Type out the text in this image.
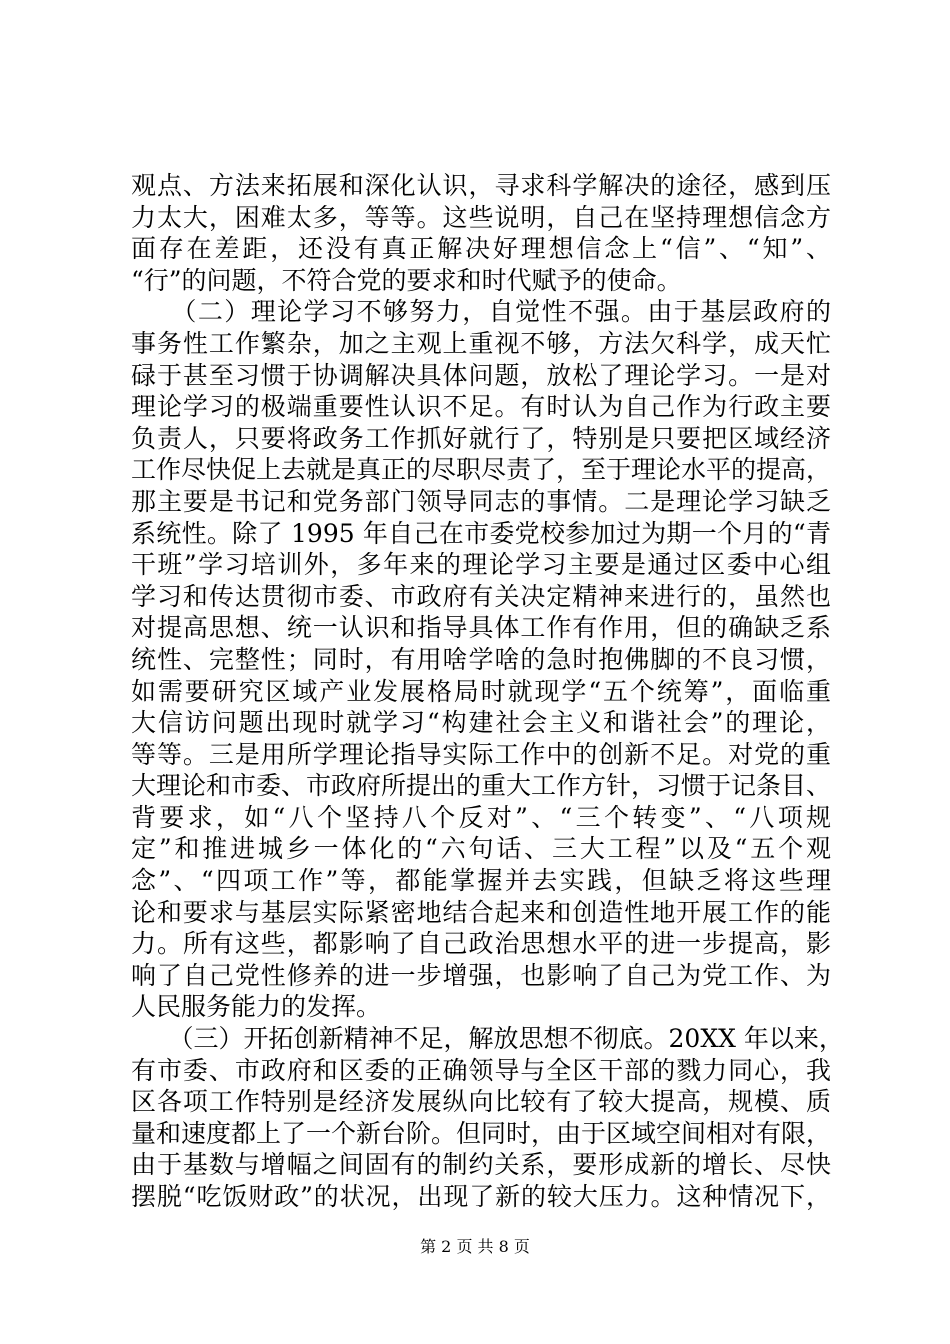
观点、方法来拓展和深化认识，寻求科学解决的途径，感到压
力太大，困难太多，等等。这些说明，自己在坚持理想信念方
面存在差距，还没有真正解决好理想信念上“信”、“知”、
“行”的问题，不符合党的要求和时代赋予的使命。
　　（二）理论学习不够努力，自觉性不强。由于基层政府的
事务性工作繁杂，加之主观上重视不够，方法欠科学，成天忙
碌于甚至习惯于协调解决具体问题，放松了理论学习。一是对
理论学习的极端重要性认识不足。有时认为自己作为行政主要
负责人，只要将政务工作抓好就行了，特别是只要把区域经济
工作尽快促上去就是真正的尽职尽责了，至于理论水平的提高，
那主要是书记和党务部门领导同志的事情。二是理论学习缺乏
系统性。除了 1995 年自己在市委党校参加过为期一个月的“青
干班”学习培训外，多年来的理论学习主要是通过区委中心组
学习和传达贯彻市委、市政府有关决定精神来进行的，虽然也
对提高思想、统一认识和指导具体工作有作用，但的确缺乏系
统性、完整性；同时，有用啥学啥的急时抱佛脚的不良习惯，
如需要研究区域产业发展格局时就现学“五个统筹”，面临重
大信访问题出现时就学习“构建社会主义和谐社会”的理论，
等等。三是用所学理论指导实际工作中的创新不足。对党的重
大理论和市委、市政府所提出的重大工作方针，习惯于记条目、
背要求，如“八个坚持八个反对”、“三个转变”、“八项规
定”和推进城乡一体化的“六句话、三大工程”以及“五个观
念”、“四项工作”等，都能掌握并去实践，但缺乏将这些理
论和要求与基层实际紧密地结合起来和创造性地开展工作的能
力。所有这些，都影响了自己政治思想水平的进一步提高，影
响了自己党性修养的进一步增强，也影响了自己为党工作、为
人民服务能力的发挥。
　　（三）开拓创新精神不足，解放思想不彻底。20XX 年以来，
有市委、市政府和区委的正确领导与全区干部的戮力同心，我
区各项工作特别是经济发展纵向比较有了较大提高，规模、质
量和速度都上了一个新台阶。但同时，由于区域空间相对有限，
由于基数与增幅之间固有的制约关系，要形成新的增长、尽快
摆脱“吃饭财政”的状况，出现了新的较大压力。这种情况下，
第 2 页 共 8 页
